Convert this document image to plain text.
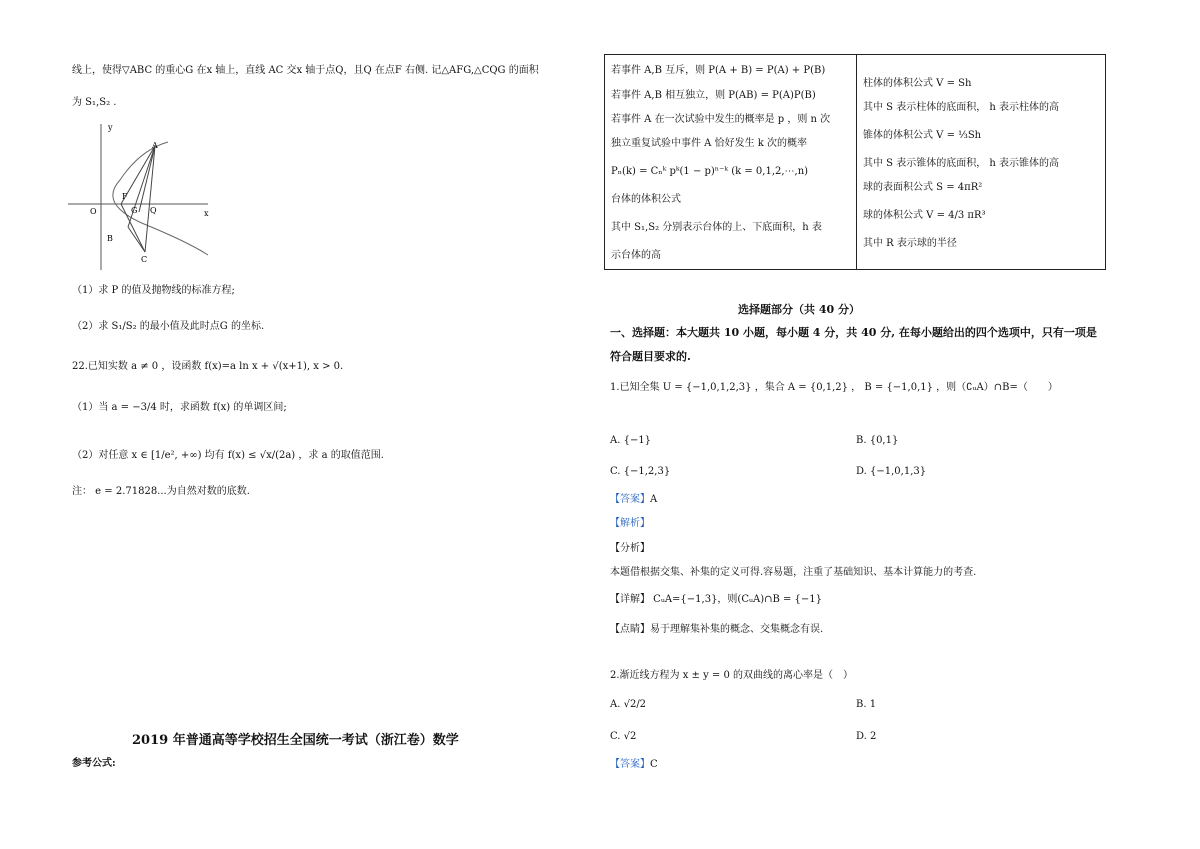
线上，使得▽ABC 的重心G 在x 轴上，直线 AC 交x 轴于点Q，且Q 在点F 右侧. 记△AFG,△CQG 的面积
为 S₁,S₂ .
y
x
O
A
B
C
F
G Q
（1）求 P 的值及抛物线的标准方程;
（2）求 S₁/S₂ 的最小值及此时点G 的坐标.
22.已知实数 a ≠ 0 ，设函数 f(x)=a ln x + √(x+1), x > 0.
（1）当 a = −3/4 时，求函数 f(x) 的单调区间;
（2）对任意 x ∈ [1/e², +∞) 均有 f(x) ≤ √x/(2a) ，求 a 的取值范围.
注： e = 2.71828...为自然对数的底数.
2019 年普通高等学校招生全国统一考试（浙江卷）数学
参考公式:
若事件 A,B 互斥，则 P(A + B) = P(A) + P(B)
若事件 A,B 相互独立，则 P(AB) = P(A)P(B)
若事件 A 在一次试验中发生的概率是 p ，则 n 次
独立重复试验中事件 A 恰好发生 k 次的概率
Pₙ(k) = Cₙᵏ pᵏ(1 − p)ⁿ⁻ᵏ (k = 0,1,2,⋯,n)
台体的体积公式
其中 S₁,S₂ 分别表示台体的上、下底面积，h 表
示台体的高
柱体的体积公式 V = Sh
其中 S 表示柱体的底面积， h 表示柱体的高
锥体的体积公式 V = ⅓Sh
其中 S 表示锥体的底面积， h 表示锥体的高
球的表面积公式 S = 4πR²
球的体积公式 V = 4/3 πR³
其中 R 表示球的半径
选择题部分（共 40 分）
一、选择题：本大题共 10 小题，每小题 4 分，共 40 分, 在每小题给出的四个选项中，只有一项是
符合题目要求的.
1.已知全集 U = {−1,0,1,2,3} ，集合 A = {0,1,2} ， B = {−1,0,1} ，则（∁ᵤA）∩B=（　　）
A. {−1}	B. {0,1}
C. {−1,2,3}	D. {−1,0,1,3}
【答案】A
【解析】
【分析】
本题借根据交集、补集的定义可得.容易题，注重了基础知识、基本计算能力的考查.
【详解】 CᵤA={−1,3}，则(CᵤA)∩B = {−1}
【点睛】易于理解集补集的概念、交集概念有误.
2.渐近线方程为 x ± y = 0 的双曲线的离心率是（　）
A. √2/2	B. 1
C. √2	D. 2
【答案】C
